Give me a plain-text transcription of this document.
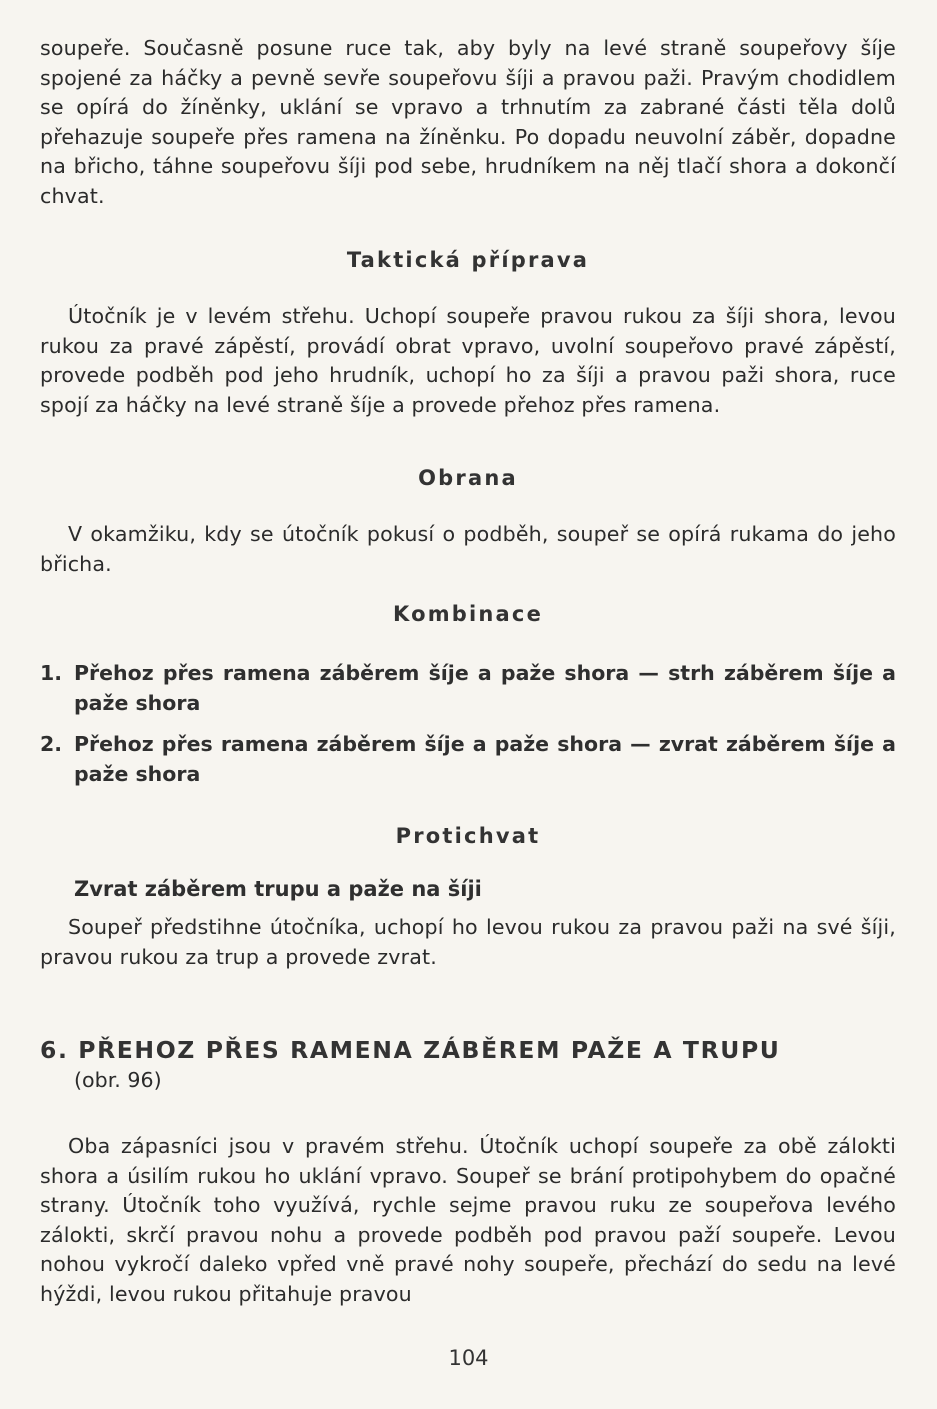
soupeře. Současně posune ruce tak, aby byly na levé straně soupeřovy šíje spojené za háčky a pevně sevře soupeřovu šíji a pravou paži. Pravým chodidlem se opírá do žíněnky, uklání se vpravo a trhnutím za zabrané části těla dolů přehazuje soupeře přes ramena na žíněnku. Po dopadu neuvolní záběr, dopadne na břicho, táhne soupeřovu šíji pod sebe, hrudníkem na něj tlačí shora a dokončí chvat.

Taktická příprava

Útočník je v levém střehu. Uchopí soupeře pravou rukou za šíji shora, levou rukou za pravé zápěstí, provádí obrat vpravo, uvolní soupeřovo pravé zápěstí, provede podběh pod jeho hrudník, uchopí ho za šíji a pravou paži shora, ruce spojí za háčky na levé straně šíje a provede přehoz přes ramena.

Obrana

V okamžiku, kdy se útočník pokusí o podběh, soupeř se opírá rukama do jeho břicha.

Kombinace
1. Přehoz přes ramena záběrem šíje a paže shora — strh záběrem šíje a paže shora
2. Přehoz přes ramena záběrem šíje a paže shora — zvrat záběrem šíje a paže shora
Protichvat
Zvrat záběrem trupu a paže na šíji

Soupeř předstihne útočníka, uchopí ho levou rukou za pravou paži na své šíji, pravou rukou za trup a provede zvrat.

6. PŘEHOZ PŘES RAMENA ZÁBĚREM PAŽE A TRUPU

(obr. 96)

Oba zápasníci jsou v pravém střehu. Útočník uchopí soupeře za obě zálokti shora a úsilím rukou ho uklání vpravo. Soupeř se brání protipohybem do opačné strany. Útočník toho využívá, rychle sejme pravou ruku ze soupeřova levého zálokti, skrčí pravou nohu a provede podběh pod pravou paží soupeře. Levou nohou vykročí daleko vpřed vně pravé nohy soupeře, přechází do sedu na levé hýždi, levou rukou přitahuje pravou

104
